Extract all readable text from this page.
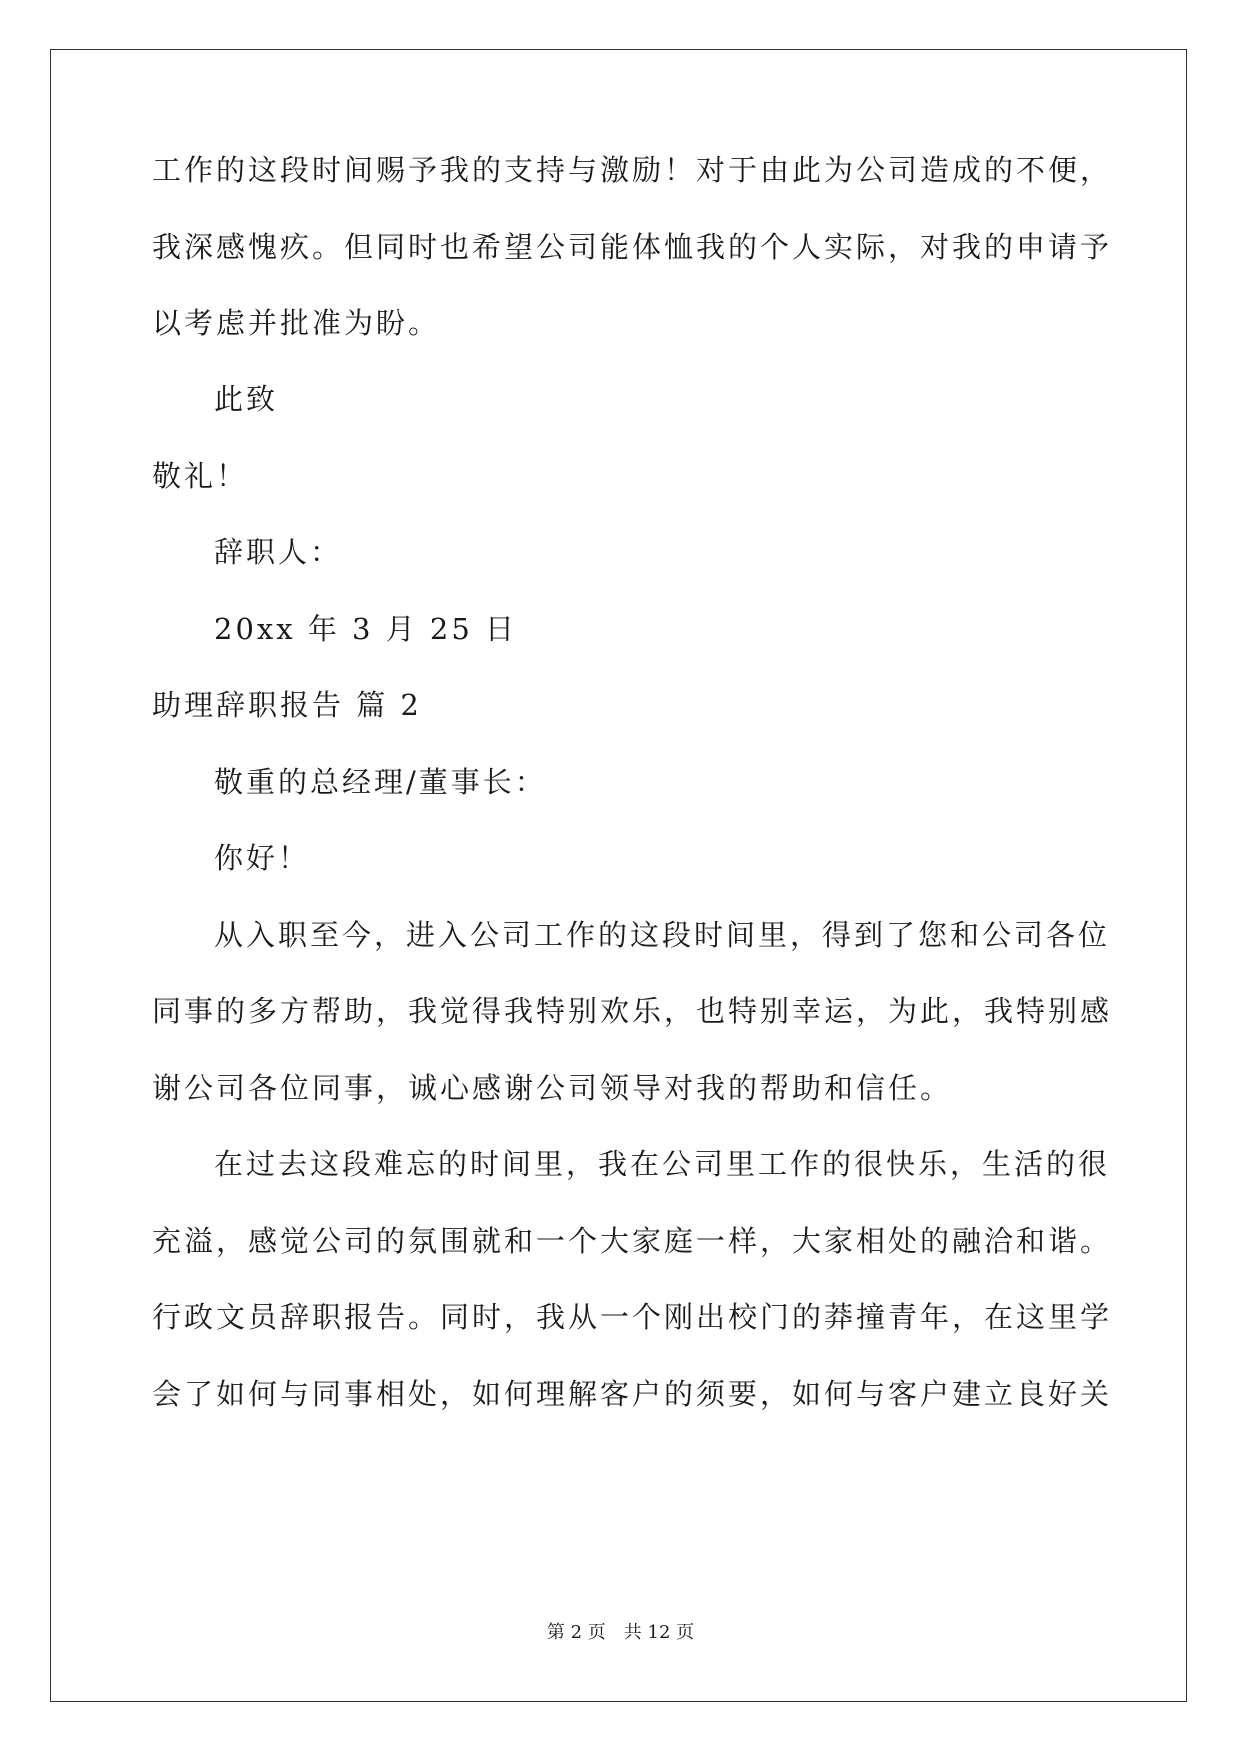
工作的这段时间赐予我的支持与激励！对于由此为公司造成的不便，
我深感愧疚。但同时也希望公司能体恤我的个人实际，对我的申请予
以考虑并批准为盼。
此致
敬礼！
辞职人：
20xx 年 3 月 25 日
助理辞职报告 篇 2
敬重的总经理/董事长：
你好！
从入职至今，进入公司工作的这段时间里，得到了您和公司各位
同事的多方帮助，我觉得我特别欢乐，也特别幸运，为此，我特别感
谢公司各位同事，诚心感谢公司领导对我的帮助和信任。
在过去这段难忘的时间里，我在公司里工作的很快乐，生活的很
充溢，感觉公司的氛围就和一个大家庭一样，大家相处的融洽和谐。
行政文员辞职报告。同时，我从一个刚出校门的莽撞青年，在这里学
会了如何与同事相处，如何理解客户的须要，如何与客户建立良好关
第 2 页　共 12 页
